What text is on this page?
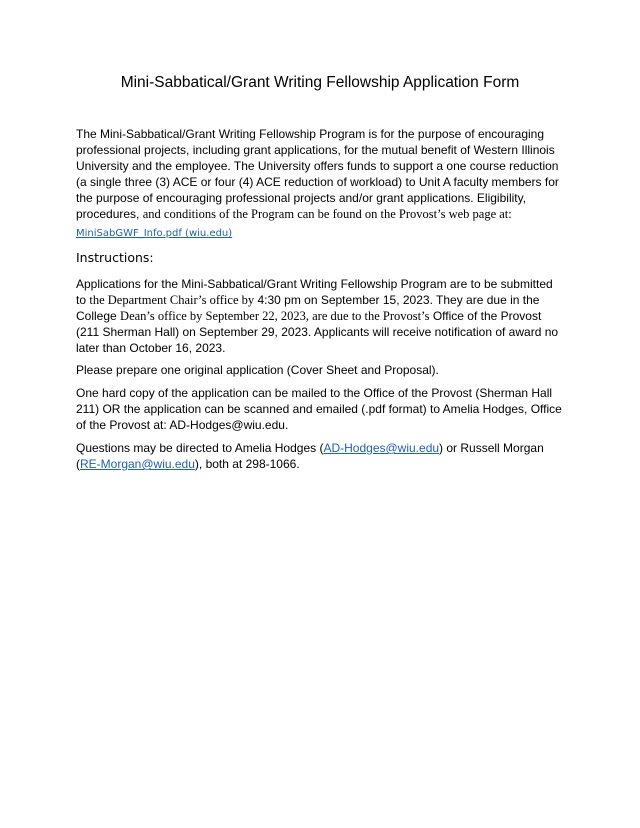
Mini-Sabbatical/Grant Writing Fellowship Application Form

The Mini-Sabbatical/Grant Writing Fellowship Program is for the purpose of encouraging professional projects, including grant applications, for the mutual benefit of Western Illinois University and the employee. The University offers funds to support a one course reduction (a single three (3) ACE or four (4) ACE reduction of workload) to Unit A faculty members for the purpose of encouraging professional projects and/or grant applications. Eligibility, procedures, and conditions of the Program can be found on the Provost’s web page at:

MiniSabGWF_Info.pdf (wiu.edu)
Instructions:

Applications for the Mini-Sabbatical/Grant Writing Fellowship Program are to be submitted to the Department Chair’s office by 4:30 pm on September 15, 2023. They are due in the College Dean’s office by September 22, 2023, are due to the Provost’s Office of the Provost (211 Sherman Hall) on September 29, 2023. Applicants will receive notification of award no later than October 16, 2023.

Please prepare one original application (Cover Sheet and Proposal).

One hard copy of the application can be mailed to the Office of the Provost (Sherman Hall 211) OR the application can be scanned and emailed (.pdf format) to Amelia Hodges, Office of the Provost at: AD-Hodges@wiu.edu.

Questions may be directed to Amelia Hodges (AD-Hodges@wiu.edu) or Russell Morgan (RE-Morgan@wiu.edu), both at 298-1066.
